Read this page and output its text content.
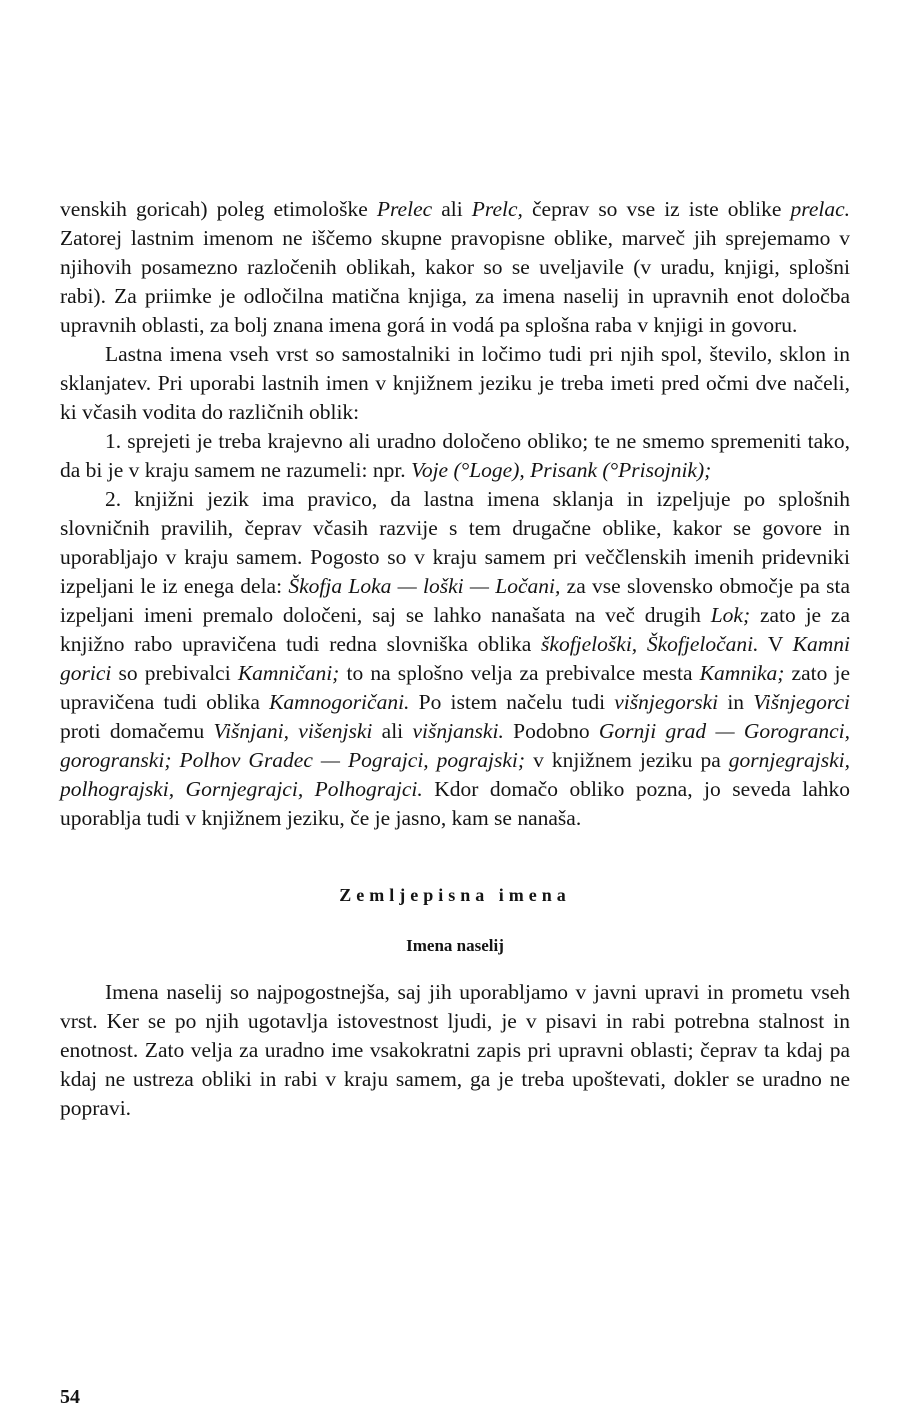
venskih goricah) poleg etimološke Prelec ali Prelc, čeprav so vse iz iste oblike prelac. Zatorej lastnim imenom ne iščemo skupne pravopisne oblike, marveč jih sprejemamo v njihovih posamezno razločenih oblikah, kakor so se uveljavile (v uradu, knjigi, splošni rabi). Za priimke je odločilna matična knjiga, za imena naselij in upravnih enot določba upravnih oblasti, za bolj znana imena gorá in vodá pa splošna raba v knjigi in govoru.

Lastna imena vseh vrst so samostalniki in ločimo tudi pri njih spol, število, sklon in sklanjatev. Pri uporabi lastnih imen v knjižnem jeziku je treba imeti pred očmi dve načeli, ki včasih vodita do različnih oblik:

1. sprejeti je treba krajevno ali uradno določeno obliko; te ne smemo spremeniti tako, da bi je v kraju samem ne razumeli: npr. Voje (°Loge), Prisank (°Prisojnik);

2. knjižni jezik ima pravico, da lastna imena sklanja in izpeljuje po splošnih slovničnih pravilih, čeprav včasih razvije s tem drugačne oblike, kakor se govore in uporabljajo v kraju samem. Pogosto so v kraju samem pri veččlenskih imenih pridevniki izpeljani le iz enega dela: Škofja Loka — loški — Ločani, za vse slovensko območje pa sta izpeljani imeni premalo določeni, saj se lahko nanašata na več drugih Lok; zato je za knjižno rabo upravičena tudi redna slovniška oblika škofjeloški, Škofjeločani. V Kamni gorici so prebivalci Kamničani; to na splošno velja za prebivalce mesta Kamnika; zato je upravičena tudi oblika Kamnogoričani. Po istem načelu tudi višnjegorski in Višnjegorci proti domačemu Višnjani, višenjski ali višnjanski. Podobno Gornji grad — Gorogranci, gorogranski; Polhov Gradec — Pograjci, pograjski; v knjižnem jeziku pa gornjegrajski, polhograjski, Gornjegrajci, Polhograjci. Kdor domačo obliko pozna, jo seveda lahko uporablja tudi v knjižnem jeziku, če je jasno, kam se nanaša.

Zemljepisna imena
Imena naselij

Imena naselij so najpogostnejša, saj jih uporabljamo v javni upravi in prometu vseh vrst. Ker se po njih ugotavlja istovestnost ljudi, je v pisavi in rabi potrebna stalnost in enotnost. Zato velja za uradno ime vsakokratni zapis pri upravni oblasti; čeprav ta kdaj pa kdaj ne ustreza obliki in rabi v kraju samem, ga je treba upoštevati, dokler se uradno ne popravi.

54
